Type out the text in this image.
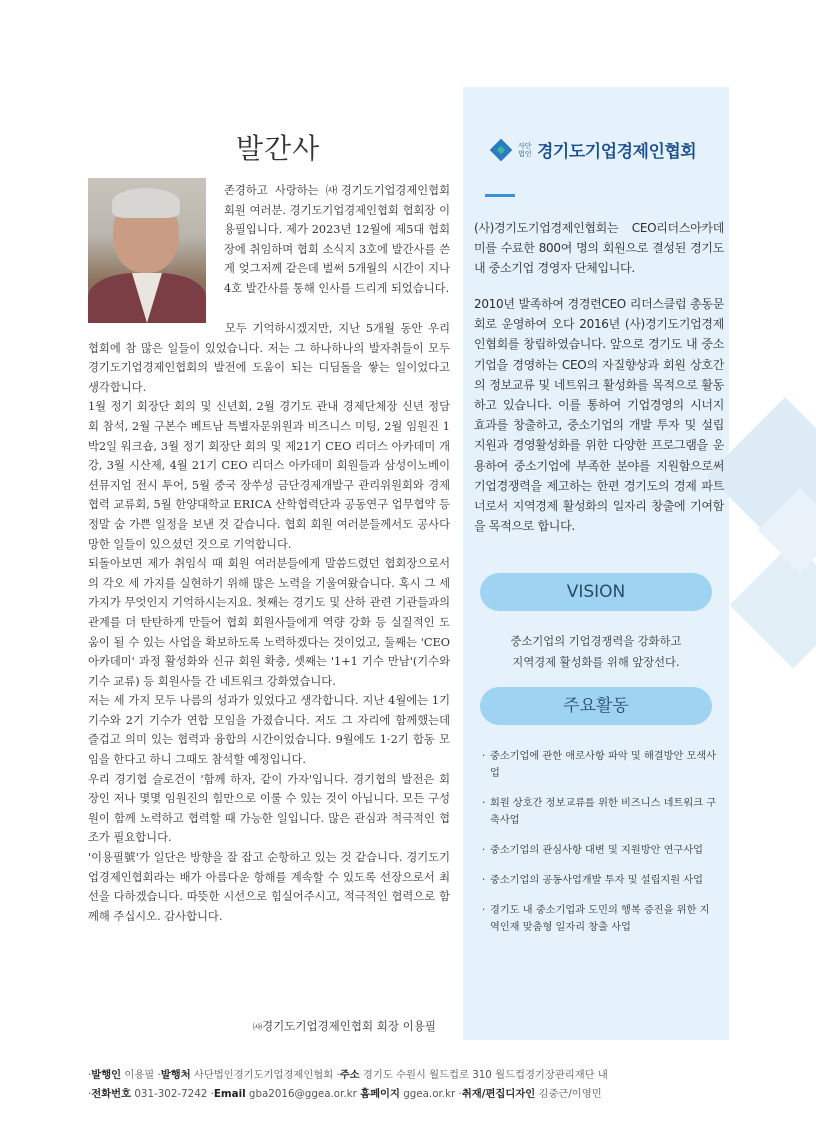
발간사

존경하고 사랑하는 ㈔경기도기업경제인협회 회원 여러분. 경기도기업경제인협회 협회장 이용필입니다. 제가 2023년 12월에 제5대 협회장에 취임하며 협회 소식지 3호에 발간사를 쓴 게 엊그저께 같은데 벌써 5개월의 시간이 지나 4호 발간사를 통해 인사를 드리게 되었습니다.

모두 기억하시겠지만, 지난 5개월 동안 우리 협회에 참 많은 일들이 있었습니다. 저는 그 하나하나의 발자취들이 모두 경기도기업경제인협회의 발전에 도움이 되는 디딤돌을 쌓는 일이었다고 생각합니다.

1월 정기 회장단 회의 및 신년회, 2월 경기도 관내 경제단체장 신년 정담회 참석, 2월 구본수 베트남 특별자문위원과 비즈니스 미팅, 2월 임원진 1박2일 워크숍, 3월 정기 회장단 회의 및 제21기 CEO 리더스 아카데미 개강, 3월 시산제, 4월 21기 CEO 리더스 아카데미 회원들과 삼성이노베이션뮤지엄 전시 투어, 5월 중국 장쑤성 금단경제개발구 관리위원회와 경제협력 교류회, 5월 한양대학교 ERICA 산학협력단과 공동연구 업무협약 등 정말 숨 가쁜 일정을 보낸 것 같습니다. 협회 회원 여러분들께서도 공사다망한 일들이 있으셨던 것으로 기억합니다.

되돌아보면 제가 취임식 때 회원 여러분들에게 말씀드렸던 협회장으로서의 각오 세 가지를 실현하기 위해 많은 노력을 기울여왔습니다. 혹시 그 세 가지가 무엇인지 기억하시는지요. 첫째는 경기도 및 산하 관련 기관들과의 관계를 더 탄탄하게 만들어 협회 회원사들에게 역량 강화 등 실질적인 도움이 될 수 있는 사업을 확보하도록 노력하겠다는 것이었고, 둘째는 'CEO 아카데미' 과정 활성화와 신규 회원 확충, 셋째는 '1+1 기수 만남'(기수와 기수 교류) 등 회원사들 간 네트워크 강화였습니다.

저는 세 가지 모두 나름의 성과가 있었다고 생각합니다. 지난 4월에는 1기 기수와 2기 기수가 연합 모임을 가졌습니다. 저도 그 자리에 함께했는데 즐겁고 의미 있는 협력과 융합의 시간이었습니다. 9월에도 1·2기 합동 모임을 한다고 하니 그때도 참석할 예정입니다.

우리 경기협 슬로건이 '함께 하자, 같이 가자'입니다. 경기협의 발전은 회장인 저나 몇몇 임원진의 힘만으로 이룰 수 있는 것이 아닙니다. 모든 구성원이 함께 노력하고 협력할 때 가능한 일입니다. 많은 관심과 적극적인 협조가 필요합니다.

'이용필號'가 일단은 방향을 잘 잡고 순항하고 있는 것 같습니다. 경기도기업경제인협회라는 배가 아름다운 항해를 계속할 수 있도록 선장으로서 최선을 다하겠습니다. 따뜻한 시선으로 힘실어주시고, 적극적인 협력으로 함께해 주십시오. 감사합니다.

㈔경기도기업경제인협회 회장 이용필
사단법인 경기도기업경제인협회

(사)경기도기업경제인협회는 CEO리더스아카데미를 수료한 800여 명의 회원으로 결성된 경기도 내 중소기업 경영자 단체입니다.

2010년 발족하여 경경련CEO 리더스클럽 총동문회로 운영하여 오다 2016년 (사)경기도기업경제인협회를 창립하였습니다. 앞으로 경기도 내 중소기업을 경영하는 CEO의 자질향상과 회원 상호간의 정보교류 및 네트워크 활성화를 목적으로 활동하고 있습니다. 이를 통하여 기업경영의 시너지 효과를 창출하고, 중소기업의 개발 투자 및 설립 지원과 경영활성화를 위한 다양한 프로그램을 운용하여 중소기업에 부족한 분야를 지원함으로써 기업경쟁력을 제고하는 한편 경기도의 경제 파트너로서 지역경제 활성화의 일자리 창출에 기여함을 목적으로 합니다.

VISION
중소기업의 기업경쟁력을 강화하고
지역경제 활성화를 위해 앞장선다.
주요활동
· 중소기업에 관한 애로사항 파악 및 해결방안 모색사업
· 회원 상호간 정보교류를 위한 비즈니스 네트워크 구축사업
· 중소기업의 관심사항 대변 및 지원방안 연구사업
· 중소기업의 공동사업개발 투자 및 설립지원 사업
· 경기도 내 중소기업과 도민의 행복 증진을 위한 지역인재 맞춤형 일자리 창출 사업
·발행인 이용필 ·발행처 사단법인경기도기업경제인협회 ·주소 경기도 수원시 월드컵로 310 월드컵경기장관리재단 내
·전화번호 031-302-7242 ·Email gba2016@ggea.or.kr 홈페이지 ggea.or.kr ·취재/편집디자인 김중근/이영민
